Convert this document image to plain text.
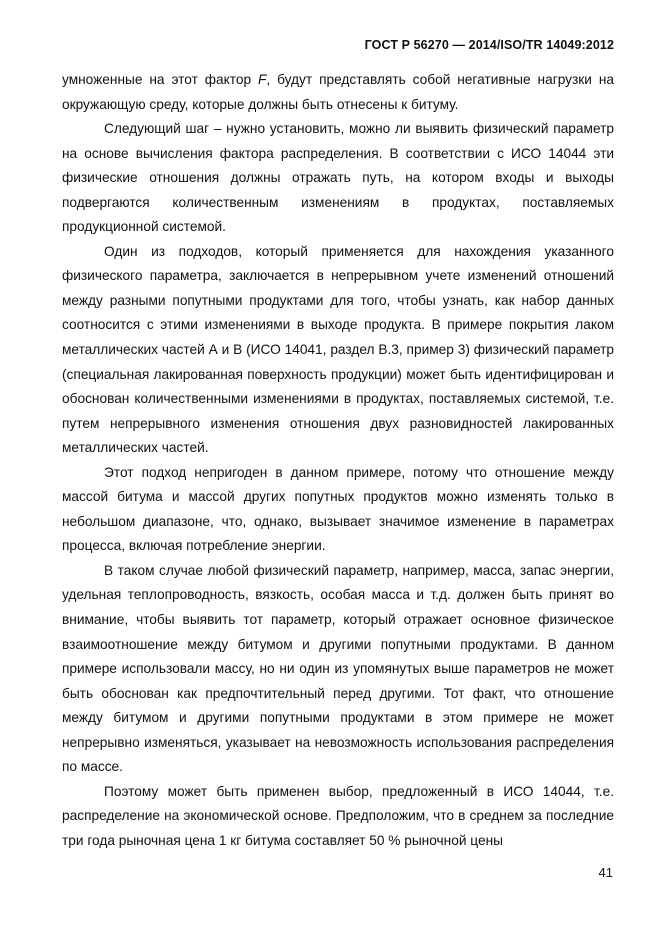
ГОСТ Р 56270 — 2014/ISO/TR 14049:2012

умноженные на этот фактор F, будут представлять собой негативные нагрузки на окружающую среду, которые должны быть отнесены к битуму.

Следующий шаг – нужно установить, можно ли выявить физический параметр на основе вычисления фактора распределения. В соответствии с ИСО 14044 эти физические отношения должны отражать путь, на котором входы и выходы подвергаются количественным изменениям в продуктах, поставляемых продукционной системой.

Один из подходов, который применяется для нахождения указанного физического параметра, заключается в непрерывном учете изменений отношений между разными попутными продуктами для того, чтобы узнать, как набор данных соотносится с этими изменениями в выходе продукта. В примере покрытия лаком металлических частей А и В (ИСО 14041, раздел В.3, пример 3) физический параметр (специальная лакированная поверхность продукции) может быть идентифицирован и обоснован количественными изменениями в продуктах, поставляемых системой, т.е. путем непрерывного изменения отношения двух разновидностей лакированных металлических частей.

Этот подход непригоден в данном примере, потому что отношение между массой битума и массой других попутных продуктов можно изменять только в небольшом диапазоне, что, однако, вызывает значимое изменение в параметрах процесса, включая потребление энергии.

В таком случае любой физический параметр, например, масса, запас энергии, удельная теплопроводность, вязкость, особая масса и т.д. должен быть принят во внимание, чтобы выявить тот параметр, который отражает основное физическое взаимоотношение между битумом и другими попутными продуктами. В данном примере использовали массу, но ни один из упомянутых выше параметров не может быть обоснован как предпочтительный перед другими. Тот факт, что отношение между битумом и другими попутными продуктами в этом примере не может непрерывно изменяться, указывает на невозможность использования распределения по массе.

Поэтому может быть применен выбор, предложенный в ИСО 14044, т.е. распределение на экономической основе. Предположим, что в среднем за последние три года рыночная цена 1 кг битума составляет 50 % рыночной цены

41
